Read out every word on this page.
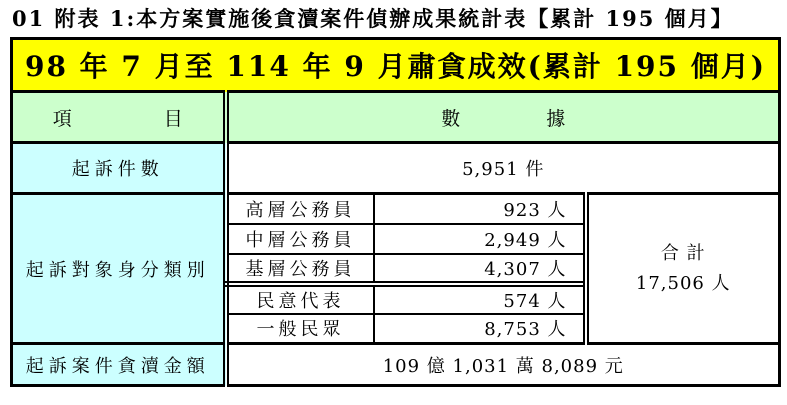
01 附表 1:本方案實施後貪瀆案件偵辦成果統計表【累計 195 個月】
98 年 7 月至 114 年 9 月肅貪成效(累計 195 個月)			

項 目	數 據		

起訴件數	5,951 件		
起訴對象身分類別	高層公務員	923 人	合 計
17,506 人

	中層公務員	2,949 人	
	基層公務員	4,307 人	
	民意代表	574 人	
	一般民眾	8,753 人	
起訴案件貪瀆金額	109 億 1,031 萬 8,089 元		
